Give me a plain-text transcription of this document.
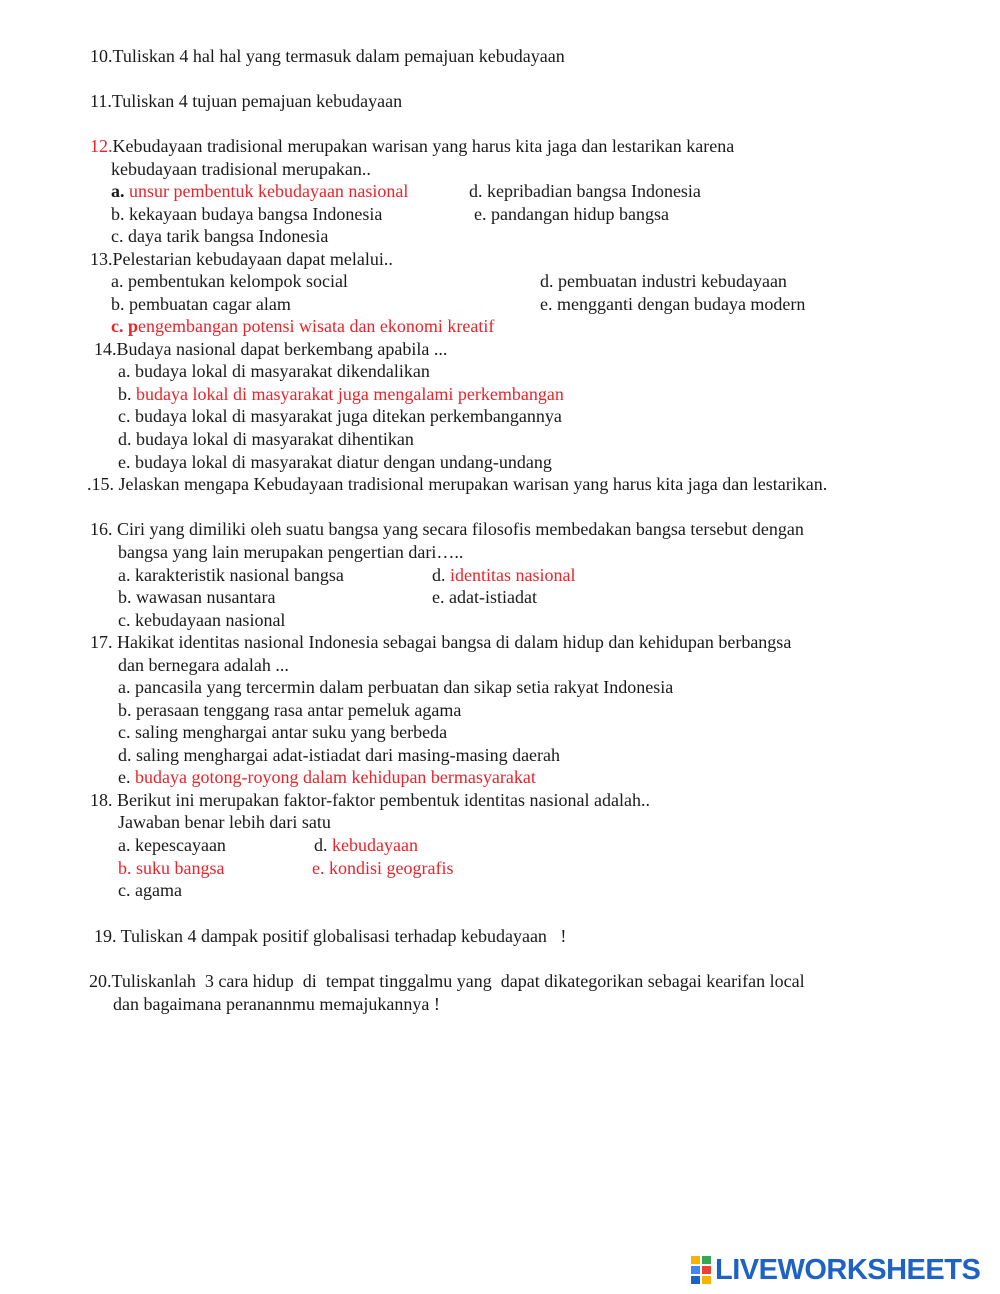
10.Tuliskan 4 hal hal yang termasuk dalam pemajuan kebudayaan
11.Tuliskan 4 tujuan pemajuan kebudayaan
12.Kebudayaan tradisional merupakan warisan yang harus kita jaga dan lestarikan karena
kebudayaan tradisional merupakan..
a. unsur pembentuk kebudayaan nasional	d. kepribadian bangsa Indonesia
b. kekayaan budaya bangsa Indonesia	e. pandangan hidup bangsa
c. daya tarik bangsa Indonesia
13.Pelestarian kebudayaan dapat melalui..
a. pembentukan kelompok social	d. pembuatan industri kebudayaan
b. pembuatan cagar alam	e. mengganti dengan budaya modern
c. pengembangan potensi wisata dan ekonomi kreatif
14.Budaya nasional dapat berkembang apabila ...
a. budaya lokal di masyarakat dikendalikan
b. budaya lokal di masyarakat juga mengalami perkembangan
c. budaya lokal di masyarakat juga ditekan perkembangannya
d. budaya lokal di masyarakat dihentikan
e. budaya lokal di masyarakat diatur dengan undang-undang
.15. Jelaskan mengapa Kebudayaan tradisional merupakan warisan yang harus kita jaga dan lestarikan.
16. Ciri yang dimiliki oleh suatu bangsa yang secara filosofis membedakan bangsa tersebut dengan
bangsa yang lain merupakan pengertian dari…..
a. karakteristik nasional bangsa	d. identitas nasional
b. wawasan nusantara	e. adat-istiadat
c. kebudayaan nasional
17. Hakikat identitas nasional Indonesia sebagai bangsa di dalam hidup dan kehidupan berbangsa
dan bernegara adalah ...
a. pancasila yang tercermin dalam perbuatan dan sikap setia rakyat Indonesia
b. perasaan tenggang rasa antar pemeluk agama
c. saling menghargai antar suku yang berbeda
d. saling menghargai adat-istiadat dari masing-masing daerah
e. budaya gotong-royong dalam kehidupan bermasyarakat
18. Berikut ini merupakan faktor-faktor pembentuk identitas nasional adalah..
Jawaban benar lebih dari satu
a. kepescayaan	d. kebudayaan
b. suku bangsa	e. kondisi geografis
c. agama
19. Tuliskan 4 dampak positif globalisasi terhadap kebudayaan   !
20.Tuliskanlah  3 cara hidup  di  tempat tinggalmu yang  dapat dikategorikan sebagai kearifan local
dan bagaimana peranannmu memajukannya !
LIVEWORKSHEETS
